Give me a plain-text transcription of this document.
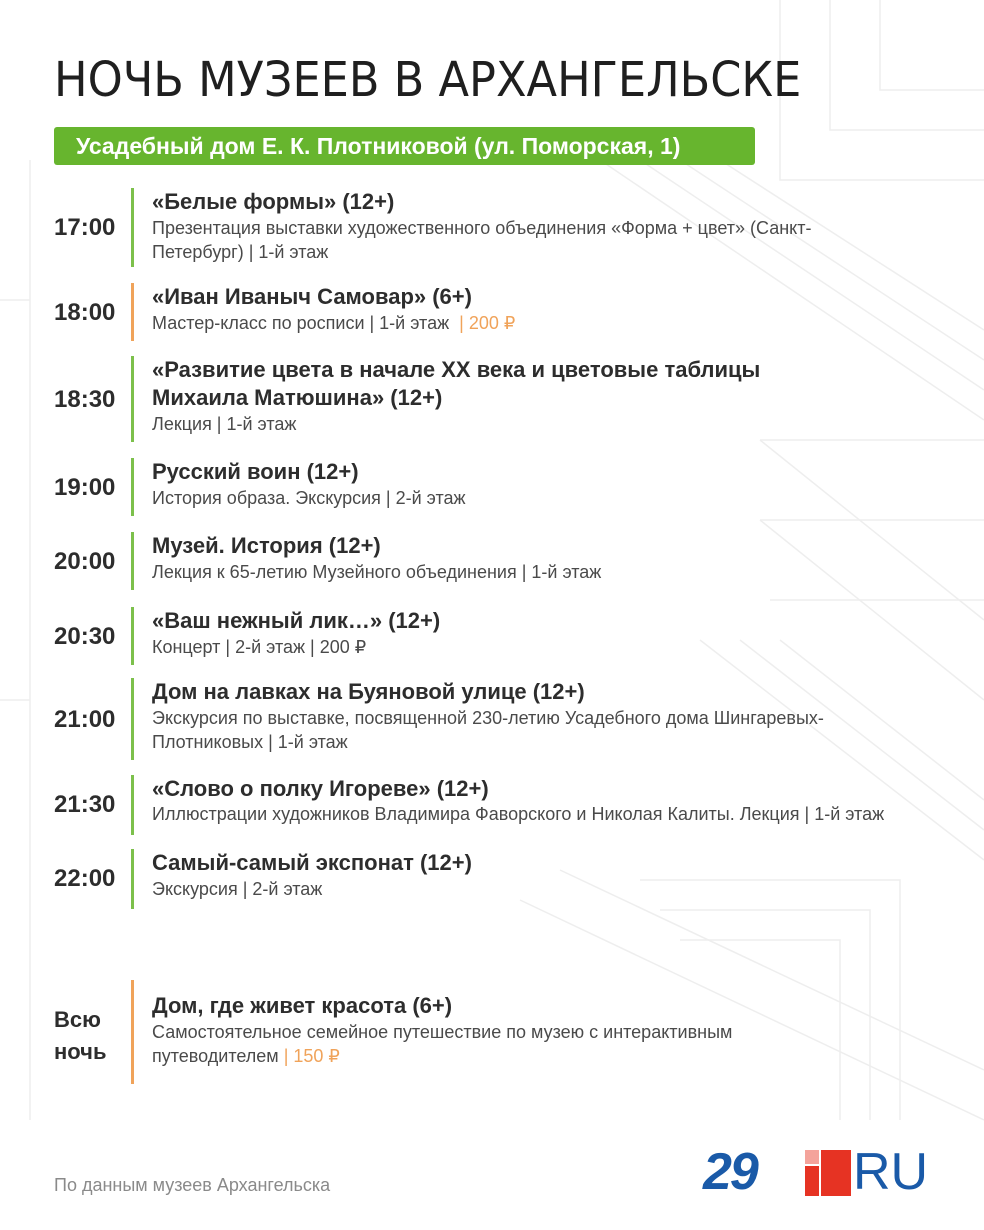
НОЧЬ МУЗЕЕВ В АРХАНГЕЛЬСКЕ
Усадебный дом Е. К. Плотниковой (ул. Поморская, 1)
17:00

«Белые формы» (12+)

Презентация выставки художественного объединения «Форма + цвет» (Санкт-Петербург) | 1-й этаж

18:00

«Иван Иваныч Самовар» (6+)

Мастер-класс по росписи | 1-й этаж | 200 ₽

18:30

«Развитие цвета в начале XX века и цветовые таблицы Михаила Матюшина» (12+)

Лекция | 1-й этаж

19:00

Русский воин (12+)

История образа. Экскурсия | 2-й этаж

20:00

Музей. История (12+)

Лекция к 65-летию Музейного объединения | 1-й этаж

20:30

«Ваш нежный лик…» (12+)

Концерт | 2-й этаж | 200 ₽

21:00

Дом на лавках на Буяновой улице (12+)

Экскурсия по выставке, посвященной 230-летию Усадебного дома Шингаревых-Плотниковых | 1-й этаж

21:30

«Слово о полку Игореве» (12+)

Иллюстрации художников Владимира Фаворского и Николая Калиты. Лекция | 1-й этаж

22:00

Самый-самый экспонат (12+)

Экскурсия | 2-й этаж

Всю
ночь

Дом, где живет красота (6+)

Самостоятельное семейное путешествие по музею с интерактивным путеводителем | 150 ₽

По данным музеев Архангельска	29 RU
